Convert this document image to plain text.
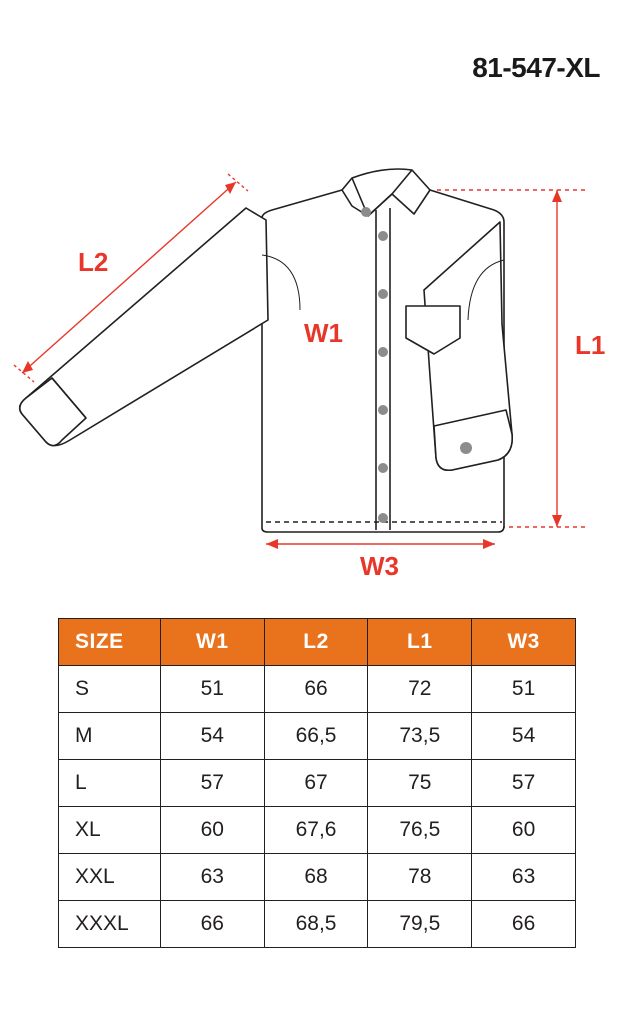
81-547-XL
L2
W1	L1
W3
SIZE	W1	L2	L1	W3
S	51	66	72	51
M	54	66,5	73,5	54
L	57	67	75	57
XL	60	67,6	76,5	60
XXL	63	68	78	63
XXXL	66	68,5	79,5	66
